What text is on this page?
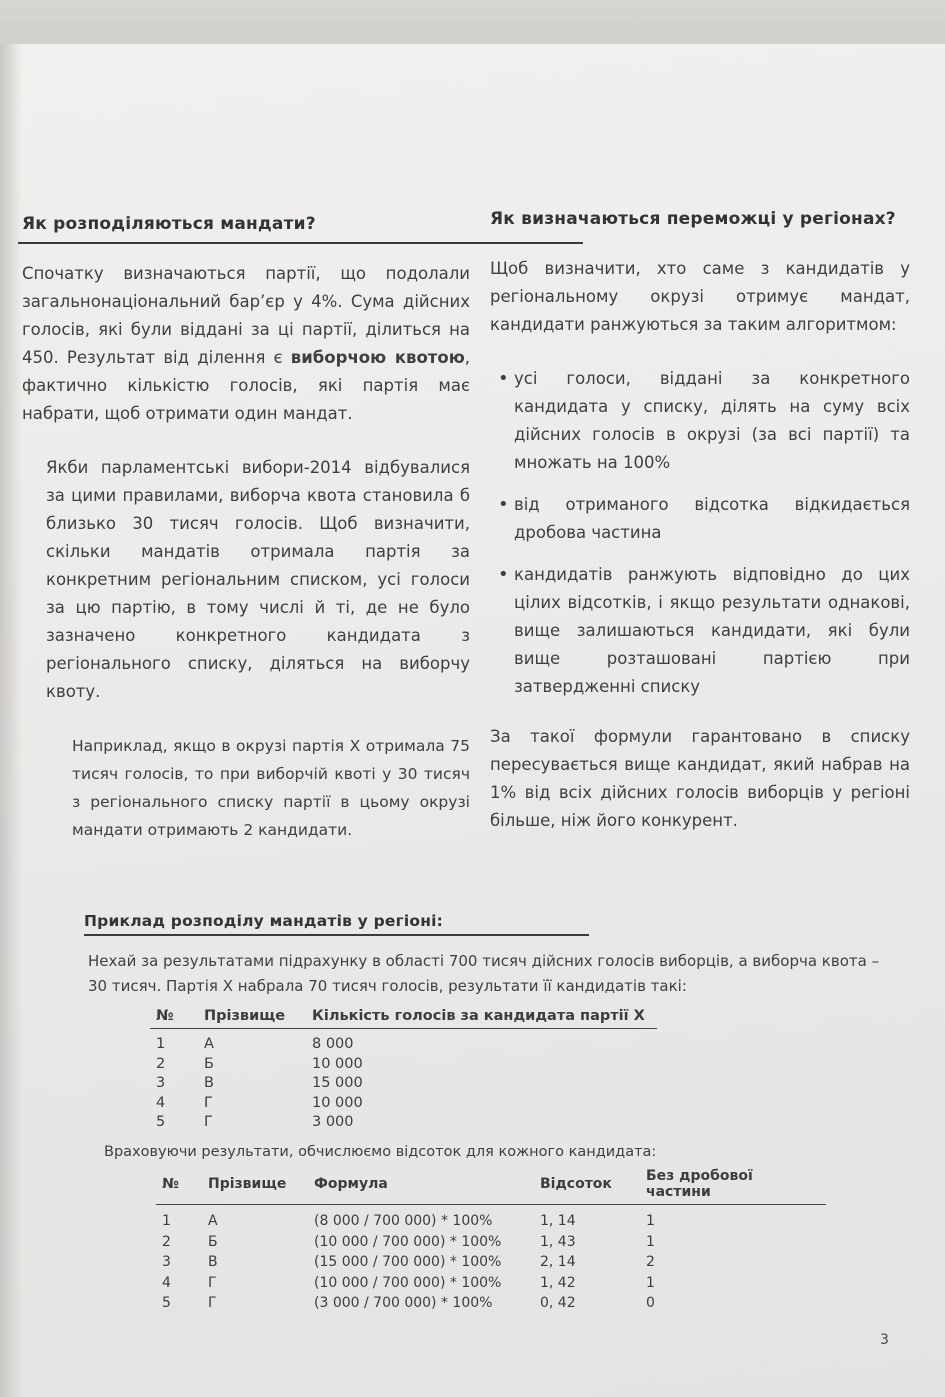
Як розподіляються мандати?

Спочатку визначаються партії, що подолали загальнонаціональний бар’єр у 4%. Сума дійсних голосів, які були віддані за ці партії, ділиться на 450. Результат від ділення є виборчою квотою, фактично кількістю голосів, які партія має набрати, щоб отримати один мандат.

Якби парламентські вибори-2014 відбувалися за цими правилами, виборча квота становила б близько 30 тисяч голосів. Щоб визначити, скільки мандатів отримала партія за конкретним регіональним списком, усі голоси за цю партію, в тому числі й ті, де не було зазначено конкретного кандидата з регіонального списку, діляться на виборчу квоту.

Наприклад, якщо в окрузі партія Х отримала 75 тисяч голосів, то при виборчій квоті у 30 тисяч з регіонального списку партії в цьому окрузі мандати отримають 2 кандидати.

Як визначаються переможці у регіонах?

Щоб визначити, хто саме з кандидатів у регіональному окрузі отримує мандат, кандидати ранжуються за таким алгоритмом:

• усі голоси, віддані за конкретного кандидата у списку, ділять на суму всіх дійсних голосів в окрузі (за всі партії) та множать на 100%
• від отриманого відсотка відкидається дробова частина
• кандидатів ранжують відповідно до цих цілих відсотків, і якщо результати однакові, вище залишаються кандидати, які були вище розташовані партією при затвердженні списку

За такої формули гарантовано в списку пересувається вище кандидат, який набрав на 1% від всіх дійсних голосів виборців у регіоні більше, ніж його конкурент.

Приклад розподілу мандатів у регіоні:
Нехай за результатами підрахунку в області 700 тисяч дійсних голосів виборців, а виборча квота – 30 тисяч. Партія Х набрала 70 тисяч голосів, результати її кандидатів такі:
№	Прізвище	Кількість голосів за кандидата партії Х
1	А	8 000
2	Б	10 000
3	В	15 000
4	Г	10 000
5	Г	3 000
Враховуючи результати, обчислюємо відсоток для кожного кандидата:
№	Прізвище	Формула	Відсоток	Без дробової частини
1	А	(8 000 / 700 000) * 100%	1, 14	1
2	Б	(10 000 / 700 000) * 100%	1, 43	1
3	В	(15 000 / 700 000) * 100%	2, 14	2
4	Г	(10 000 / 700 000) * 100%	1, 42	1
5	Г	(3 000 / 700 000) * 100%	0, 42	0
3
